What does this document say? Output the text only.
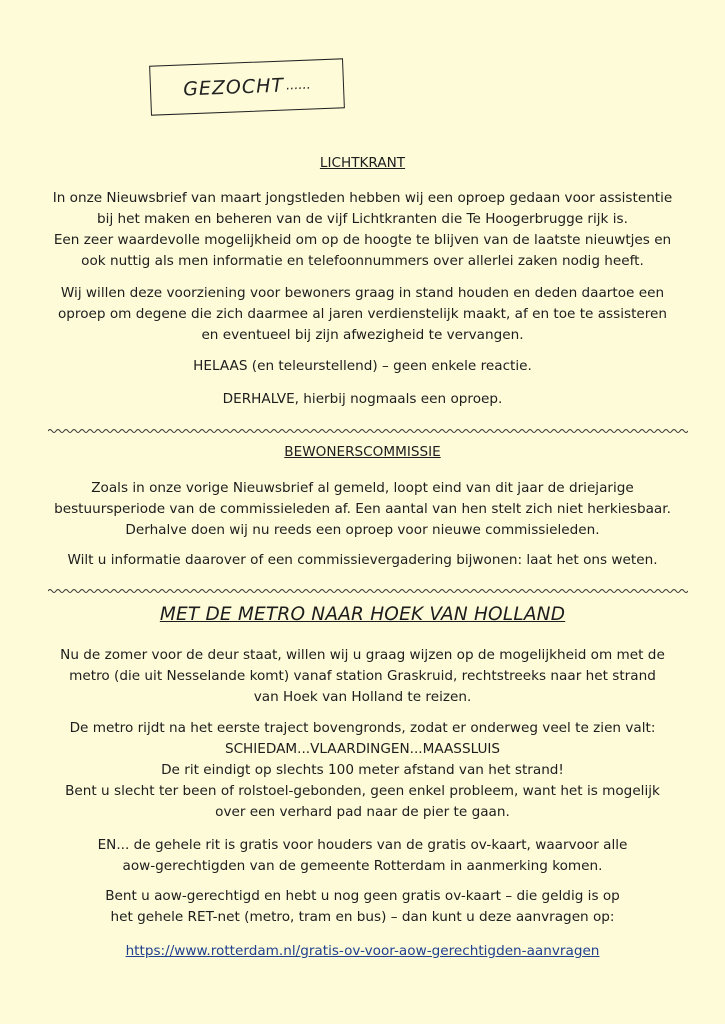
GEZOCHT ......
LICHTKRANT

In onze Nieuwsbrief van maart jongstleden hebben wij een oproep gedaan voor assistentie

bij het maken en beheren van de vijf Lichtkranten die Te Hoogerbrugge rijk is.

Een zeer waardevolle mogelijkheid om op de hoogte te blijven van de laatste nieuwtjes en

ook nuttig als men informatie en telefoonnummers over allerlei zaken nodig heeft.

Wij willen deze voorziening voor bewoners graag in stand houden en deden daartoe een

oproep om degene die zich daarmee al jaren verdienstelijk maakt, af en toe te assisteren

en eventueel bij zijn afwezigheid te vervangen.

HELAAS (en teleurstellend) – geen enkele reactie.

DERHALVE, hierbij nogmaals een oproep.

BEWONERSCOMMISSIE

Zoals in onze vorige Nieuwsbrief al gemeld, loopt eind van dit jaar de driejarige

bestuursperiode van de commissieleden af. Een aantal van hen stelt zich niet herkiesbaar.

Derhalve doen wij nu reeds een oproep voor nieuwe commissieleden.

Wilt u informatie daarover of een commissievergadering bijwonen: laat het ons weten.

MET DE METRO NAAR HOEK VAN HOLLAND

Nu de zomer voor de deur staat, willen wij u graag wijzen op de mogelijkheid om met de

metro (die uit Nesselande komt) vanaf station Graskruid, rechtstreeks naar het strand

van Hoek van Holland te reizen.

De metro rijdt na het eerste traject bovengronds, zodat er onderweg veel te zien valt:

SCHIEDAM...VLAARDINGEN...MAASSLUIS

De rit eindigt op slechts 100 meter afstand van het strand!

Bent u slecht ter been of rolstoel-gebonden, geen enkel probleem, want het is mogelijk

over een verhard pad naar de pier te gaan.

EN... de gehele rit is gratis voor houders van de gratis ov-kaart, waarvoor alle

aow-gerechtigden van de gemeente Rotterdam in aanmerking komen.

Bent u aow-gerechtigd en hebt u nog geen gratis ov-kaart – die geldig is op

het gehele RET-net (metro, tram en bus) – dan kunt u deze aanvragen op:

https://www.rotterdam.nl/gratis-ov-voor-aow-gerechtigden-aanvragen
